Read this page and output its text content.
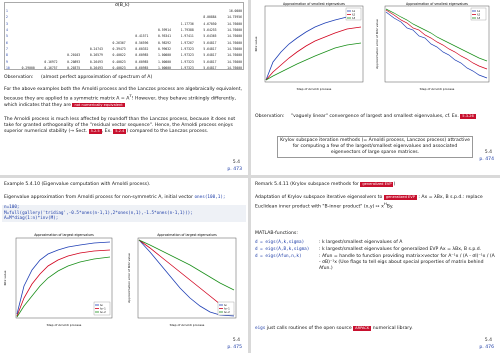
σ(B_k)
1										16.0000
2									8.00884	14.75956
3								1.17736	4.67050	14.76000
4							0.59914	1.79388	5.64253	14.76000
5						0.41571	0.95341	1.97411	5.64365	14.76000
6					0.26367	0.56596	0.98292	1.97267	5.64817	14.76000
7				0.24743	0.39473	0.60352	0.99032	1.97323	5.64817	14.76000
8			0.20103	0.26579	0.40022	0.60985	1.00000	1.97323	5.64817	14.76000
9		0.16972	0.20893	0.26493	0.40023	0.60985	1.00000	1.97323	5.64817	14.76000
10	0.29000	0.16757	0.20375	0.26493	0.40023	0.60985	1.00000	1.97323	5.64817	14.76000
Observation: (almost perfect approximation of spectrum of A)
For the above examples both the Arnoldi process and the Lanczos process are algebraically equivalent, because they are applied to a symmetric matrix $A = A^T$! However, they behave strikingly differently, which indicates that they are not numerically equivalent
The Arnoldi process is much less affected by roundoff than the Lanczos process, because it does not take for granted orthogonality of the "residual vector sequence". Hence, the Arnoldi process enjoys superior numerical stability (→ Sect. 5.2.5 , Ex. 5.2.4 ) compared to the Lanczos process.
5.4
p. 473
Approximation of smallest eigenvalues
Step of Arnoldi process
Ritz value
λ1
λ2
λ3
Approximation of smallest eigenvalues
Step of Arnoldi process
Approximation error of Ritz value
λ1
λ2
λ3
Observation: "vaguely linear" convergence of largest and smallest eigenvalues, cf. Ex. 5.3.26
Krylov subspace iteration methods (= Arnoldi process, Lanczos process) attractive for computing a few of the largest/smallest eigenvalues and associated eigenvectors of large sparse matrices.	5.4
p. 474
Example 5.4.10 (Eigenvalue computation with Arnoldi process).
Eigenvalue approximation from Arnoldi process for non-symmetric A, initial vector ones(100,1);
n=100;
M=full(gallery('tridiag',-0.5*ones(n-1,1),2*ones(n,1),-1.5*ones(n-1,1)));
A=M*diag(1:n)*inv(M);
Approximation of largest eigenvalues
Step of Arnoldi process
Ritz value
λn
λn-1
λn-2
Approximation of largest eigenvalues
Step of Arnoldi process
Approximation error of Ritz value
λn
λn-1
λn-2
5.4
p. 475
Remark 5.4.11 (Krylov subspace methods for generalized EVP )
Adaptation of Krylov subspace iterative eigensolvers to generalized EVP : Ax = λBx, B s.p.d.: replace Euclidean inner product with "B-inner product" (x,y) ↦ $x^HBy$.
MATLAB-functions:
d = eigs(A,k,sigma)	: k largest/smallest eigenvalues of A
d = eigs(A,B,k,sigma)	: k largest/smallest eigenvalues for generalized EVP Ax = λBx, B s.p.d.
d = eigs(Afun,n,k)	: Afun = handle to function providing matrix×vector for A⁻¹x / (A - σI)⁻¹x / (A - σB)⁻¹x (Use flags to tell eigs about special properties of matrix behind Afun.)
eigs just calls routines of the open source ARPACK numerical library.
5.4
p. 476
